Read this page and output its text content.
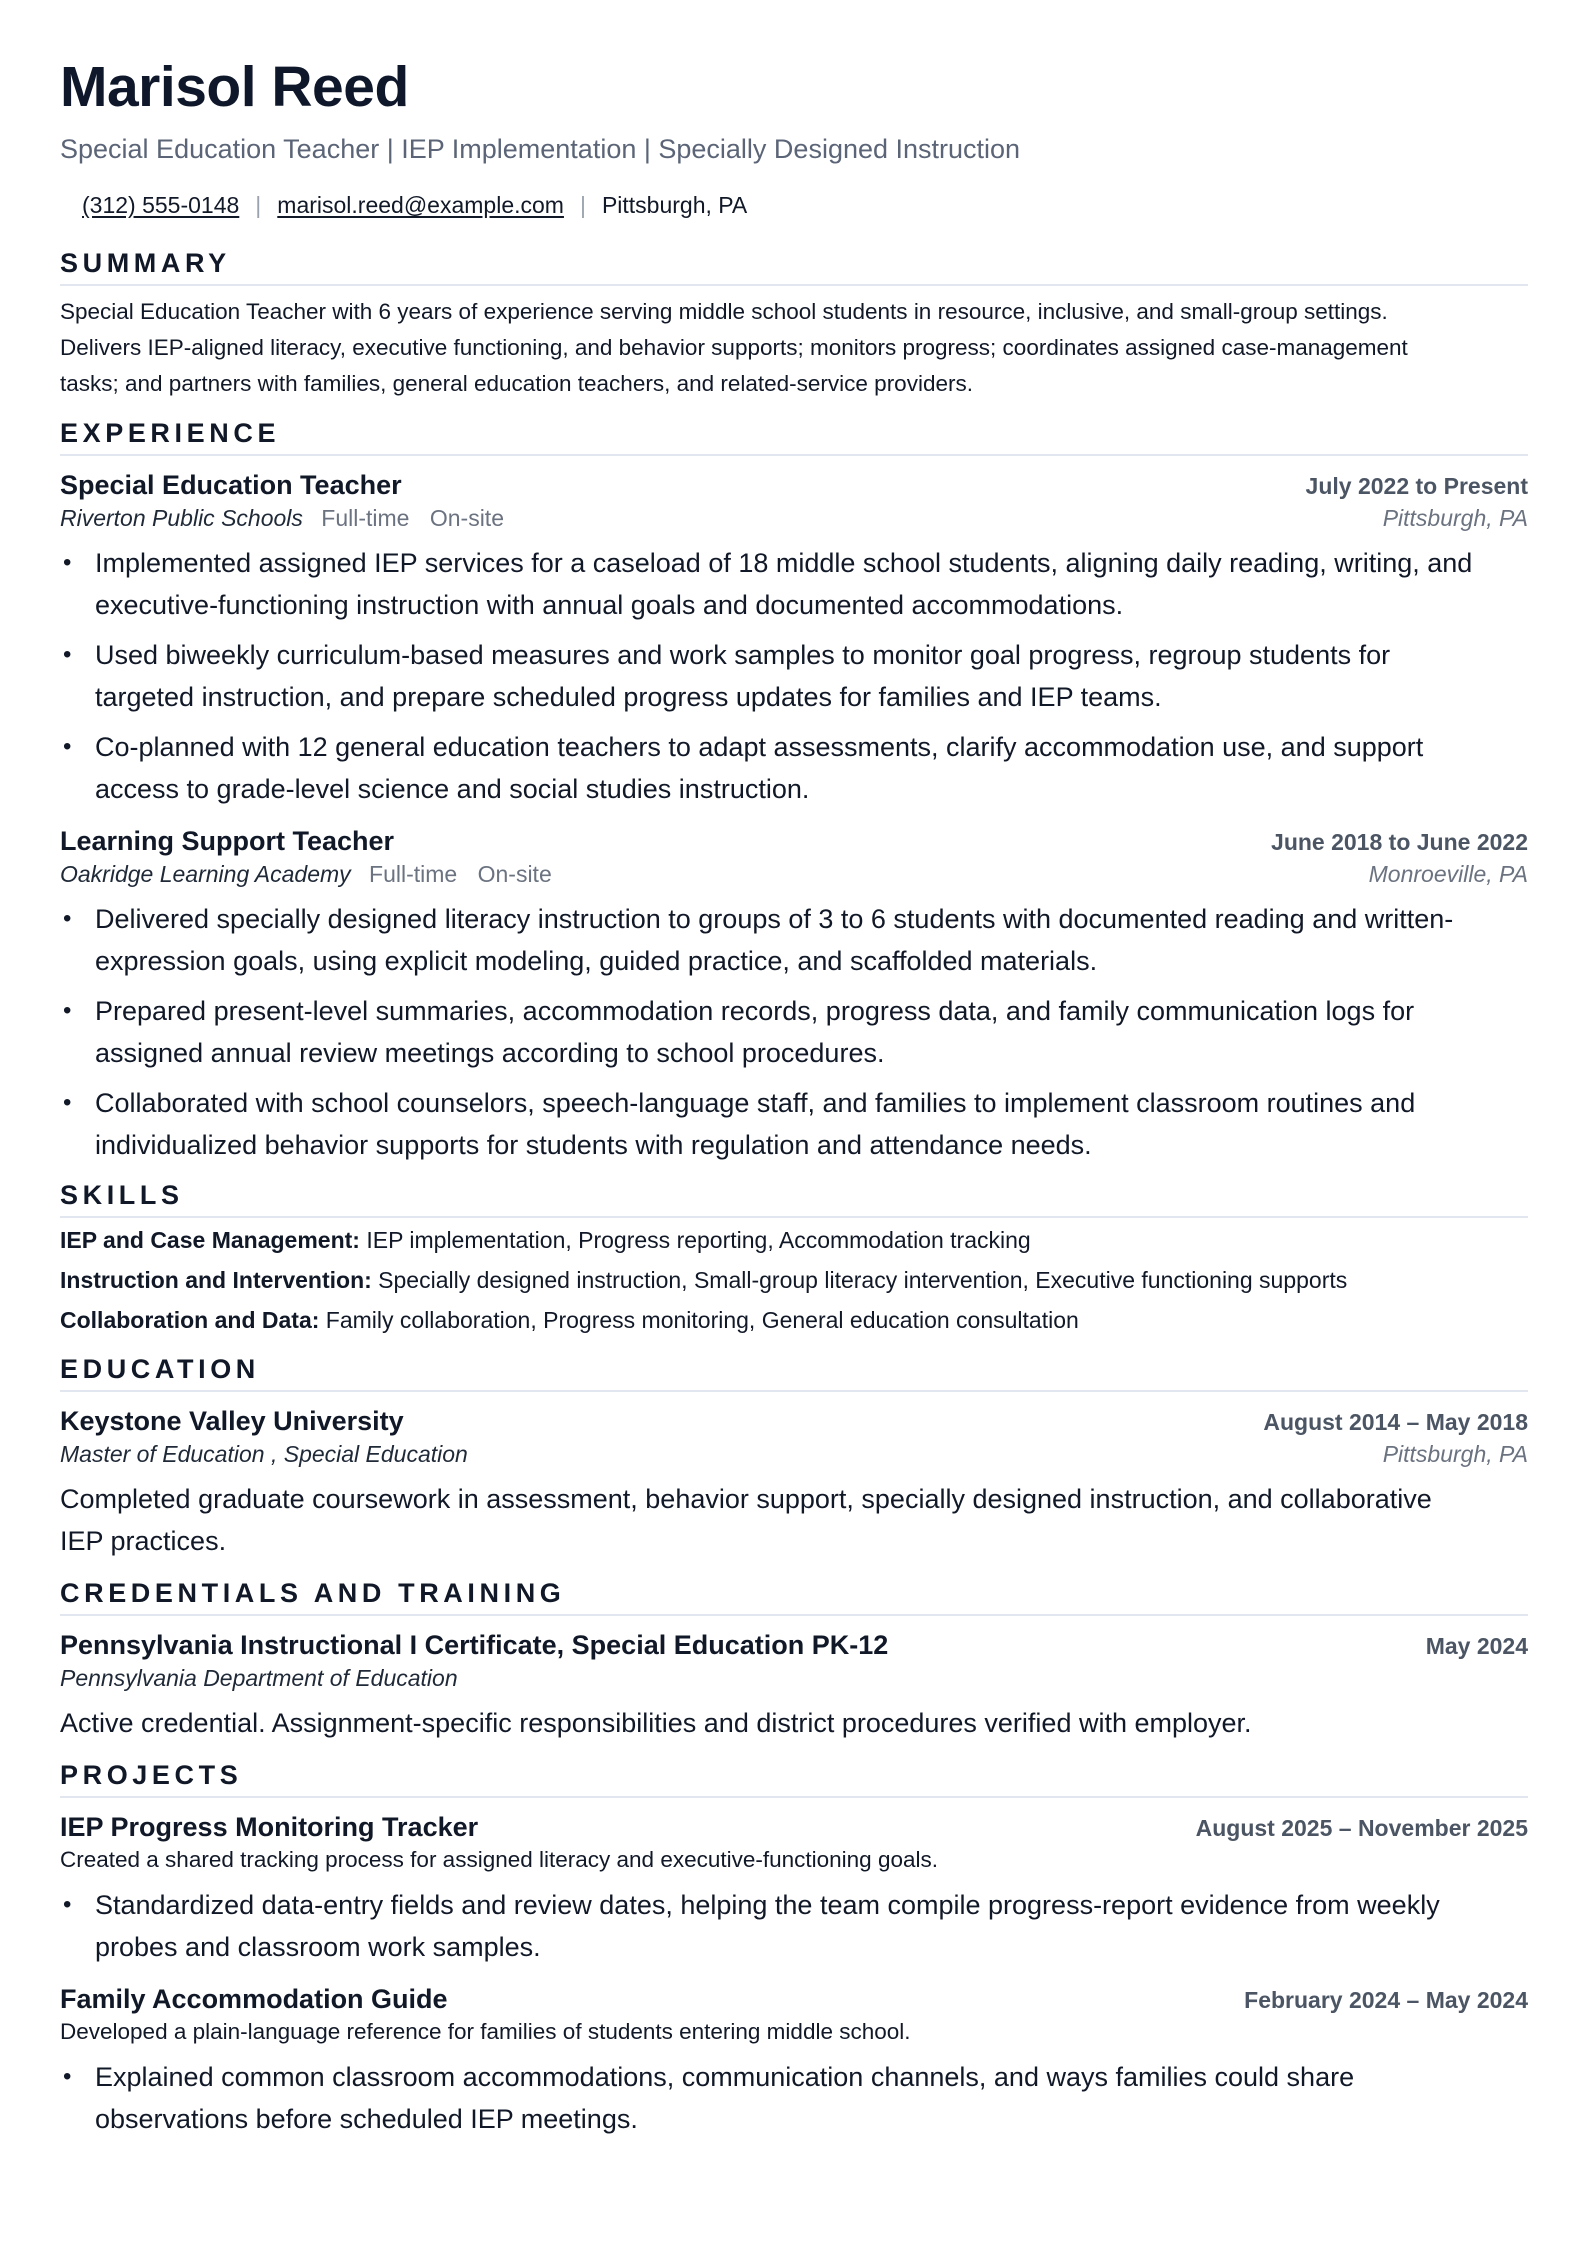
Marisol Reed
Special Education Teacher | IEP Implementation | Specially Designed Instruction
(312) 555-0148 | marisol.reed@example.com | Pittsburgh, PA
SUMMARY
Special Education Teacher with 6 years of experience serving middle school students in resource, inclusive, and small-group settings.
Delivers IEP-aligned literacy, executive functioning, and behavior supports; monitors progress; coordinates assigned case-management
tasks; and partners with families, general education teachers, and related-service providers.
EXPERIENCE
Special Education Teacher	July 2022 to Present
Riverton Public Schools Full-time On-site	Pittsburgh, PA
• Implemented assigned IEP services for a caseload of 18 middle school students, aligning daily reading, writing, and
executive-functioning instruction with annual goals and documented accommodations.
• Used biweekly curriculum-based measures and work samples to monitor goal progress, regroup students for
targeted instruction, and prepare scheduled progress updates for families and IEP teams.
• Co-planned with 12 general education teachers to adapt assessments, clarify accommodation use, and support
access to grade-level science and social studies instruction.
Learning Support Teacher	June 2018 to June 2022
Oakridge Learning Academy Full-time On-site	Monroeville, PA
• Delivered specially designed literacy instruction to groups of 3 to 6 students with documented reading and written-
expression goals, using explicit modeling, guided practice, and scaffolded materials.
• Prepared present-level summaries, accommodation records, progress data, and family communication logs for
assigned annual review meetings according to school procedures.
• Collaborated with school counselors, speech-language staff, and families to implement classroom routines and
individualized behavior supports for students with regulation and attendance needs.
SKILLS
IEP and Case Management: IEP implementation, Progress reporting, Accommodation tracking
Instruction and Intervention: Specially designed instruction, Small-group literacy intervention, Executive functioning supports
Collaboration and Data: Family collaboration, Progress monitoring, General education consultation
EDUCATION
Keystone Valley University	August 2014 – May 2018
Master of Education , Special Education	Pittsburgh, PA
Completed graduate coursework in assessment, behavior support, specially designed instruction, and collaborative
IEP practices.
CREDENTIALS AND TRAINING
Pennsylvania Instructional I Certificate, Special Education PK-12	May 2024
Pennsylvania Department of Education
Active credential. Assignment-specific responsibilities and district procedures verified with employer.
PROJECTS
IEP Progress Monitoring Tracker	August 2025 – November 2025
Created a shared tracking process for assigned literacy and executive-functioning goals.
• Standardized data-entry fields and review dates, helping the team compile progress-report evidence from weekly
probes and classroom work samples.
Family Accommodation Guide	February 2024 – May 2024
Developed a plain-language reference for families of students entering middle school.
• Explained common classroom accommodations, communication channels, and ways families could share
observations before scheduled IEP meetings.
